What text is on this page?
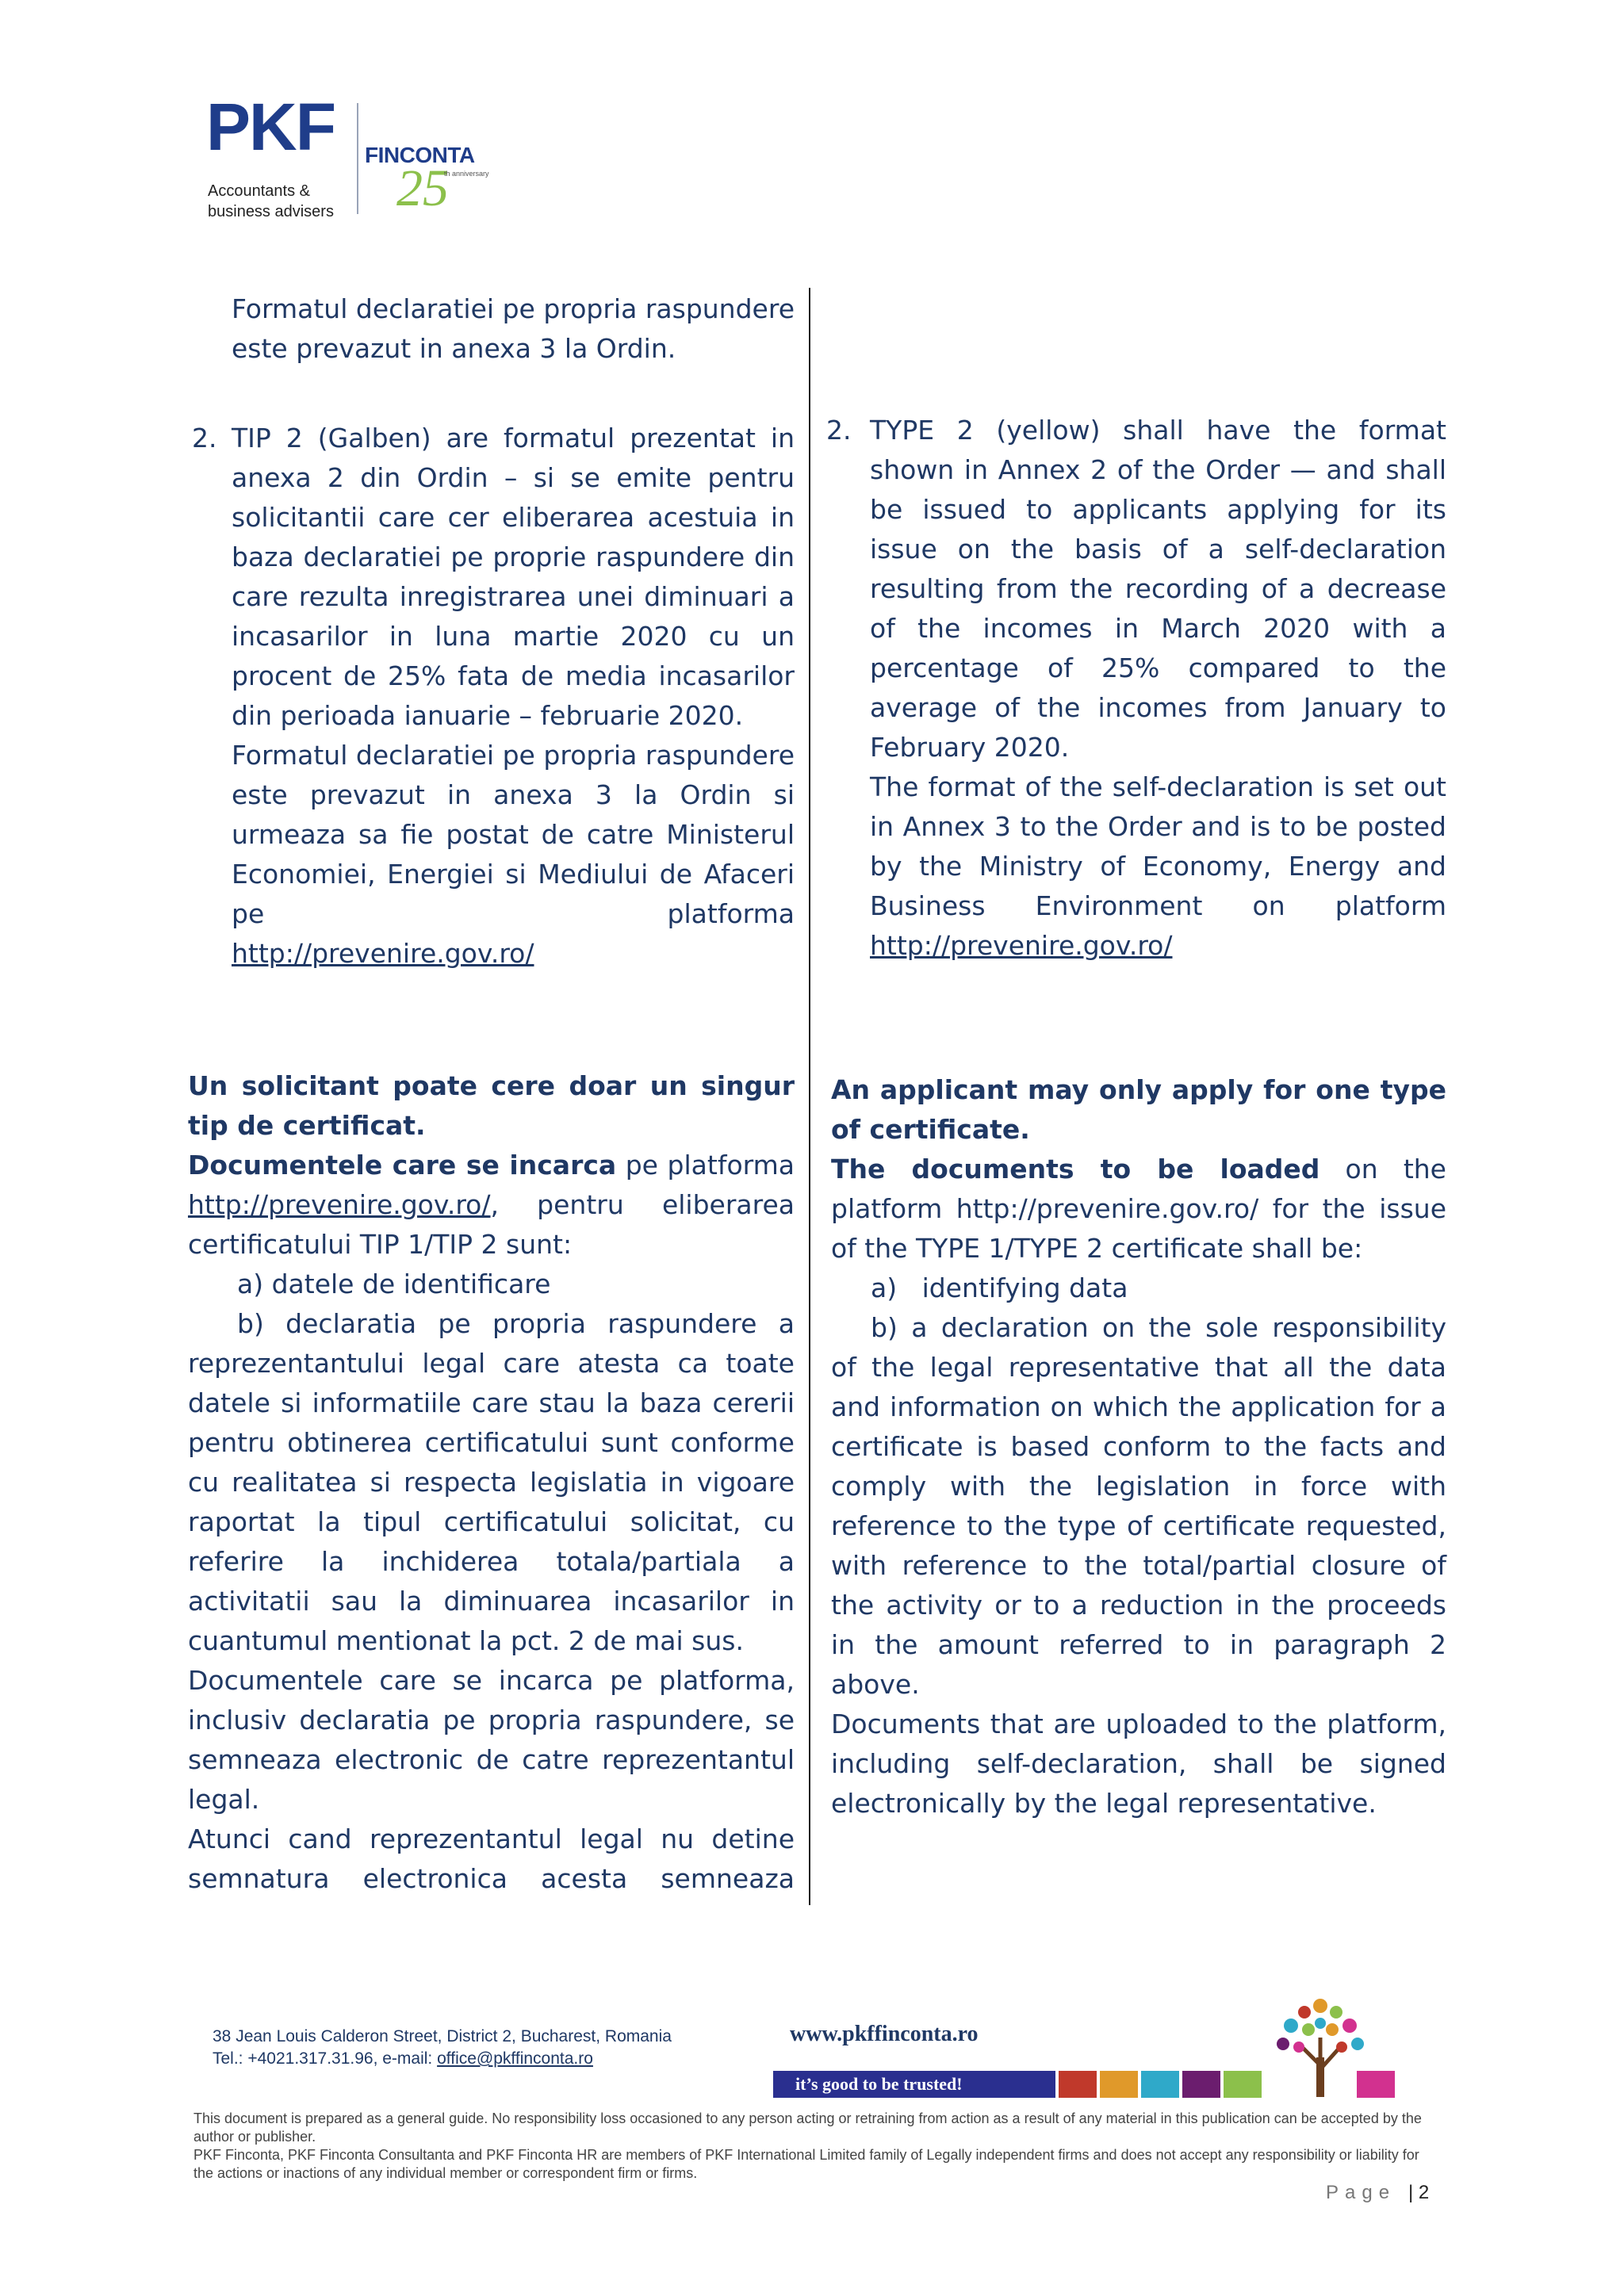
PKF
Accountants &
business advisers
FINCONTA
25
th anniversary

Formatul declaratiei pe propria raspundere este prevazut in anexa 3 la Ordin.

2. TIP 2 (Galben) are formatul prezentat in anexa 2 din Ordin – si se emite pentru solicitantii care cer eliberarea acestuia in baza declaratiei pe proprie raspundere din care rezulta inregistrarea unei diminuari a incasarilor in luna martie 2020 cu un procent de 25% fata de media incasarilor din perioada ianuarie – februarie 2020.

Formatul declaratiei pe propria raspundere este prevazut in anexa 3 la Ordin si urmeaza sa fie postat de catre Ministerul Economiei, Energiei si Mediului de Afaceri pe platforma

http://prevenire.gov.ro/

Un solicitant poate cere doar un singur tip de certificat.

Documentele care se incarca pe platforma http://prevenire.gov.ro/, pentru eliberarea certificatului TIP 1/TIP 2 sunt:

a) datele de identificare

b) declaratia pe propria raspundere a reprezentantului legal care atesta ca toate datele si informatiile care stau la baza cererii pentru obtinerea certificatului sunt conforme cu realitatea si respecta legislatia in vigoare raportat la tipul certificatului solicitat, cu referire la inchiderea totala/partiala a activitatii sau la diminuarea incasarilor in cuantumul mentionat la pct. 2 de mai sus.

Documentele care se incarca pe platforma, inclusiv declaratia pe propria raspundere, se semneaza electronic de catre reprezentantul legal.

Atunci cand reprezentantul legal nu detine semnatura electronica acesta semneaza

2. TYPE 2 (yellow) shall have the format shown in Annex 2 of the Order — and shall be issued to applicants applying for its issue on the basis of a self-declaration resulting from the recording of a decrease of the incomes in March 2020 with a percentage of 25% compared to the average of the incomes from January to February 2020.

The format of the self-declaration is set out in Annex 3 to the Order and is to be posted by the Ministry of Economy, Energy and Business Environment on platform

http://prevenire.gov.ro/

An applicant may only apply for one type of certificate.

The documents to be loaded on the platform http://prevenire.gov.ro/ for the issue of the TYPE 1/TYPE 2 certificate shall be:

a)   identifying data

b) a declaration on the sole responsibility of the legal representative that all the data and information on which the application for a certificate is based conform to the facts and comply with the legislation in force with reference to the type of certificate requested, with reference to the total/partial closure of the activity or to a reduction in the proceeds in the amount referred to in paragraph 2 above.

Documents that are uploaded to the platform, including self-declaration, shall be signed electronically by the legal representative.

38 Jean Louis Calderon Street, District 2, Bucharest, Romania
Tel.: +4021.317.31.96, e-mail: office@pkffinconta.ro
www.pkffinconta.ro
it’s good to be trusted!
This document is prepared as a general guide. No responsibility loss occasioned to any person acting or retraining from action as a result of any material in this publication can be accepted by the author or publisher.
PKF Finconta, PKF Finconta Consultanta and PKF Finconta HR are members of PKF International Limited family of Legally independent firms and does not accept any responsibility or liability for the actions or inactions of any individual member or correspondent firm or firms.
Page | 2
